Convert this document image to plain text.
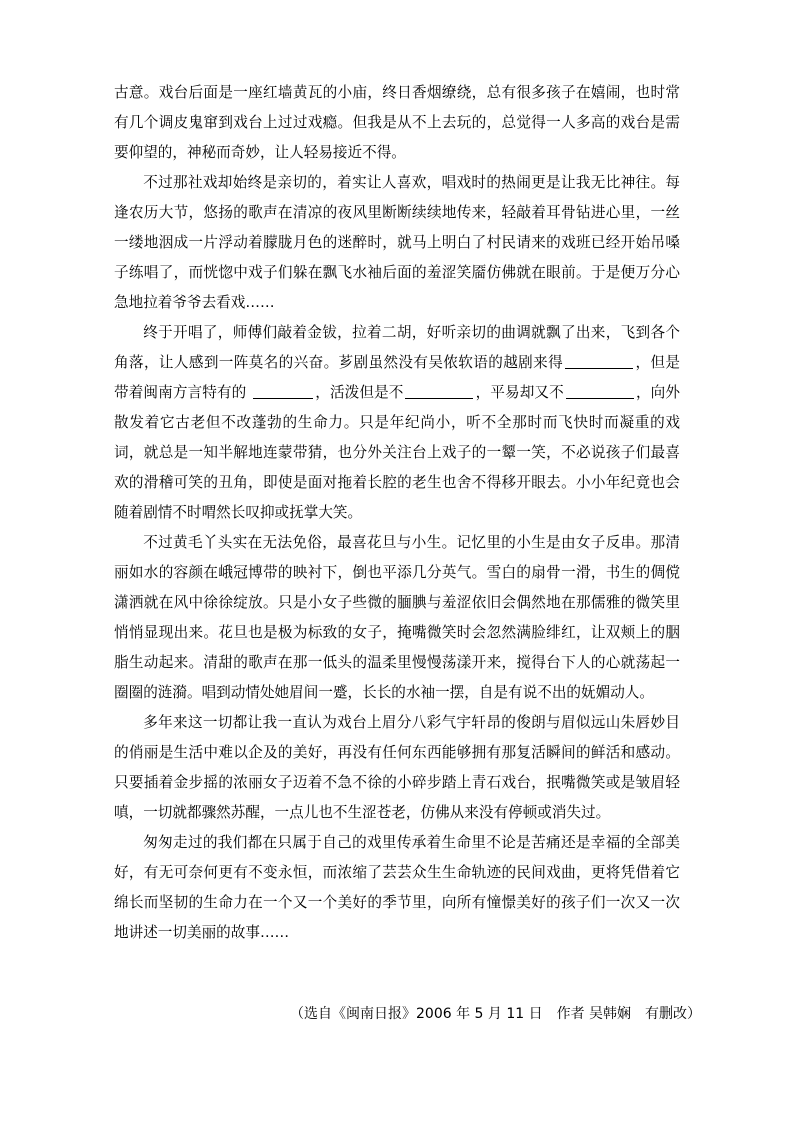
古意。戏台后面是一座红墙黄瓦的小庙，终日香烟缭绕，总有很多孩子在嬉闹，也时常有几个调皮鬼窜到戏台上过过戏瘾。但我是从不上去玩的，总觉得一人多高的戏台是需要仰望的，神秘而奇妙，让人轻易接近不得。

不过那社戏却始终是亲切的，着实让人喜欢，唱戏时的热闹更是让我无比神往。每逢农历大节，悠扬的歌声在清凉的夜风里断断续续地传来，轻敲着耳骨钻进心里，一丝一缕地洇成一片浮动着朦胧月色的迷醉时，就马上明白了村民请来的戏班已经开始吊嗓子练唱了，而恍惚中戏子们躲在飘飞水袖后面的羞涩笑靥仿佛就在眼前。于是便万分心急地拉着爷爷去看戏……

终于开唱了，师傅们敲着金钹，拉着二胡，好听亲切的曲调就飘了出来，飞到各个角落，让人感到一阵莫名的兴奋。芗剧虽然没有吴侬软语的越剧来得	，但是带着闽南方言特有的	，活泼但是不	，平易却又不	，向外散发着它古老但不改蓬勃的生命力。只是年纪尚小，听不全那时而飞快时而凝重的戏词，就总是一知半解地连蒙带猜，也分外关注台上戏子的一颦一笑，不必说孩子们最喜欢的滑稽可笑的丑角，即使是面对拖着长腔的老生也舍不得移开眼去。小小年纪竟也会随着剧情不时喟然长叹抑或抚掌大笑。

不过黄毛丫头实在无法免俗，最喜花旦与小生。记忆里的小生是由女子反串。那清丽如水的容颜在峨冠博带的映衬下，倒也平添几分英气。雪白的扇骨一滑，书生的倜傥潇洒就在风中徐徐绽放。只是小女子些微的腼腆与羞涩依旧会偶然地在那儒雅的微笑里悄悄显现出来。花旦也是极为标致的女子，掩嘴微笑时会忽然满脸绯红，让双颊上的胭脂生动起来。清甜的歌声在那一低头的温柔里慢慢荡漾开来，搅得台下人的心就荡起一圈圈的涟漪。唱到动情处她眉间一蹙，长长的水袖一摆，自是有说不出的妩媚动人。

多年来这一切都让我一直认为戏台上眉分八彩气宇轩昂的俊朗与眉似远山朱唇妙目的俏丽是生活中难以企及的美好，再没有任何东西能够拥有那复活瞬间的鲜活和感动。只要插着金步摇的浓丽女子迈着不急不徐的小碎步踏上青石戏台，抿嘴微笑或是皱眉轻嗔，一切就都骤然苏醒，一点儿也不生涩苍老，仿佛从来没有停顿或消失过。

匆匆走过的我们都在只属于自己的戏里传承着生命里不论是苦痛还是幸福的全部美好，有无可奈何更有不变永恒，而浓缩了芸芸众生生命轨迹的民间戏曲，更将凭借着它绵长而坚韧的生命力在一个又一个美好的季节里，向所有憧憬美好的孩子们一次又一次地讲述一切美丽的故事……

（选自《闽南日报》2006 年 5 月 11 日　作者 吴韩娴　有删改）
